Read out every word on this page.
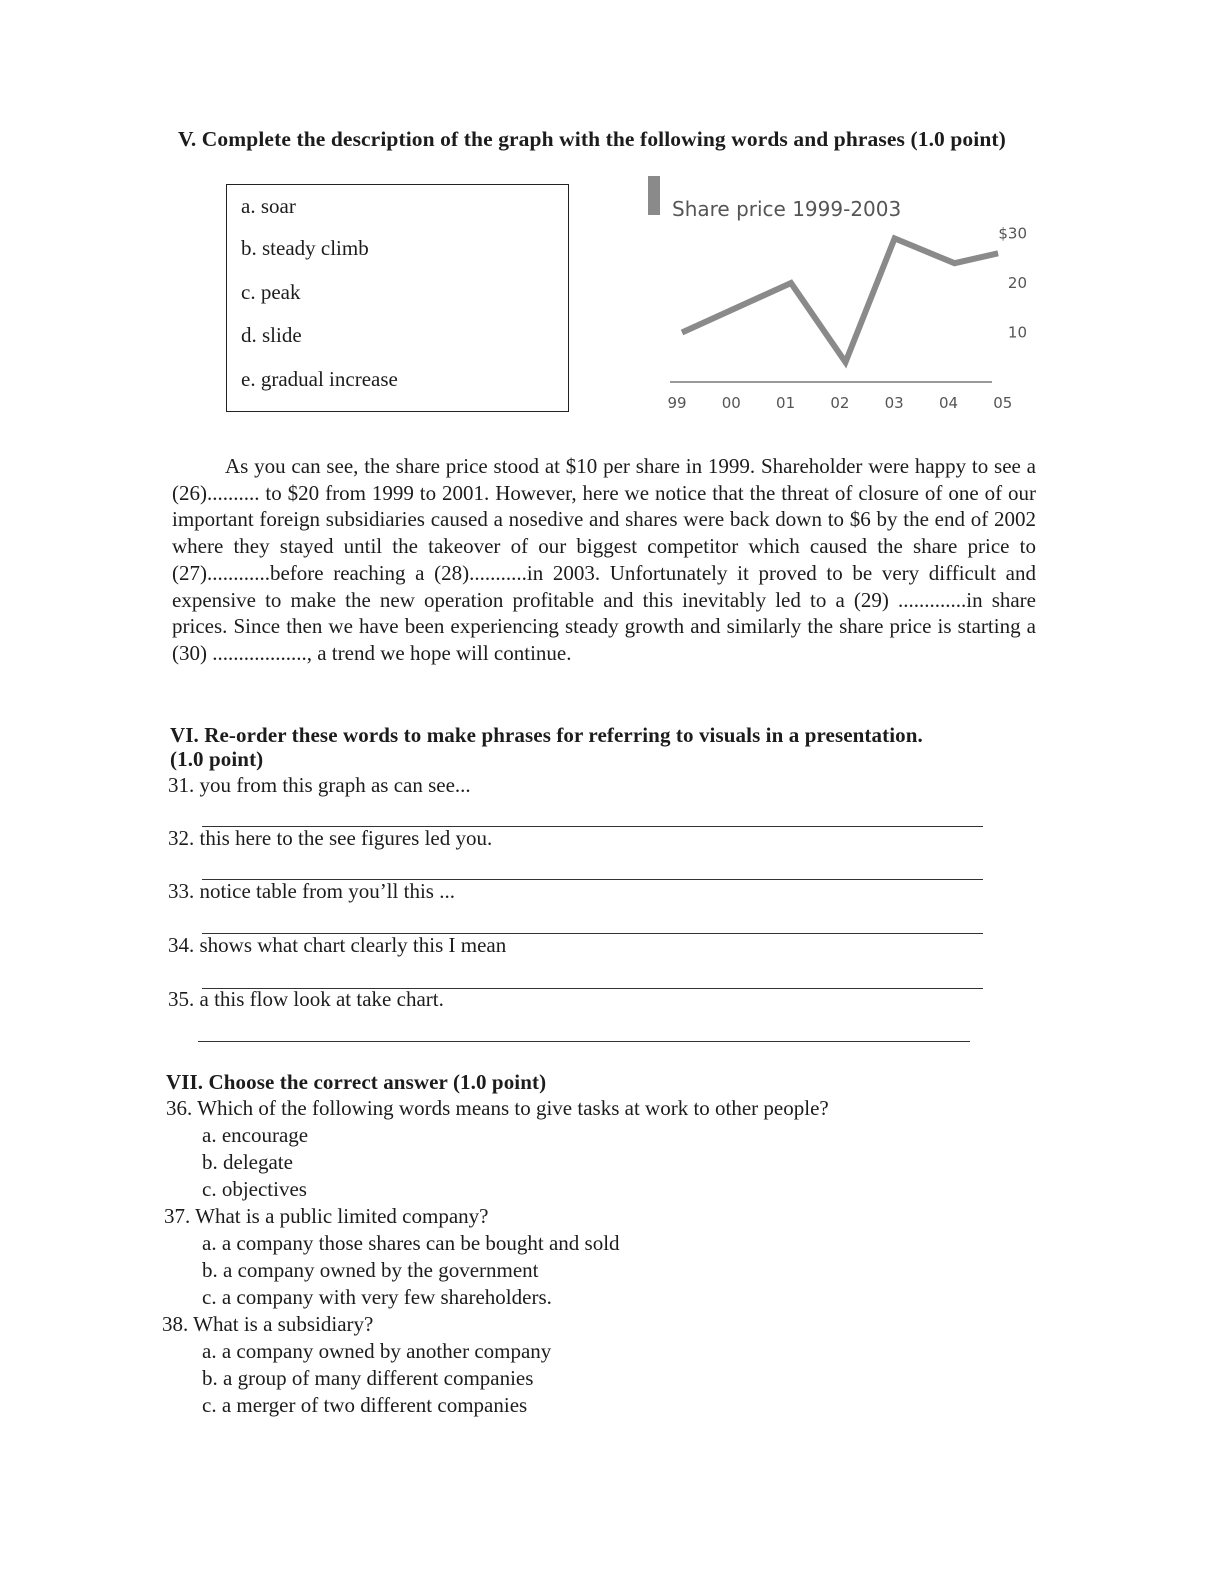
V. Complete the description of the graph with the following words and phrases (1.0 point)
a. soar
b. steady climb
c. peak
d. slide
e. gradual increase
Share price 1999-2003
$30
20
10
99 00 01 02 03 04 05
As you can see, the share price stood at $10 per share in 1999. Shareholder were happy to see a (26).......... to $20 from 1999 to 2001. However, here we notice that the threat of closure of one of our important foreign subsidiaries caused a nosedive and shares were back down to $6 by the end of 2002 where they stayed until the takeover of our biggest competitor which caused the share price to (27)............before reaching a (28)...........in 2003. Unfortunately it proved to be very difficult and expensive to make the new operation profitable and this inevitably led to a (29) .............in share prices. Since then we have been experiencing steady growth and similarly the share price is starting a (30) .................., a trend we hope will continue.
VI. Re-order these words to make phrases for referring to visuals in a presentation.
(1.0 point)
31. you from this graph as can see...
32. this here to the see figures led you.
33. notice table from you’ll this ...
34. shows what chart clearly this I mean
35. a this flow look at take chart.
VII. Choose the correct answer (1.0 point)
36. Which of the following words means to give tasks at work to other people?
a. encourage
b. delegate
c. objectives
37. What is a public limited company?
a. a company those shares can be bought and sold
b. a company owned by the government
c. a company with very few shareholders.
38. What is a subsidiary?
a. a company owned by another company
b. a group of many different companies
c. a merger of two different companies
